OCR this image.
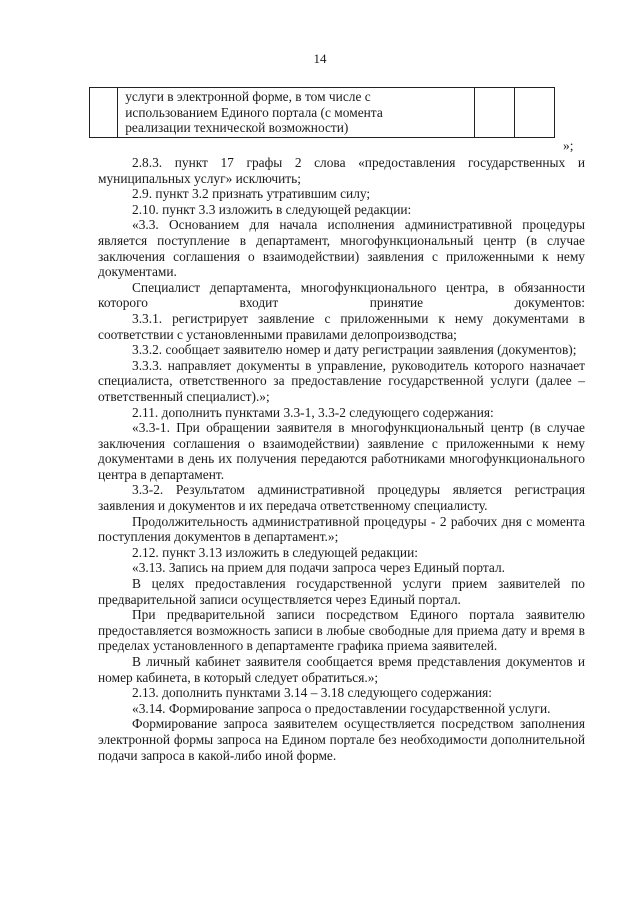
14

услуги в электронной форме, в том числе с
использованием Единого портала (с момента
реализации технической возможности)

»;

2.8.3. пункт 17 графы 2 слова «предоставления государственных и муниципальных услуг» исключить;

2.9. пункт 3.2 признать утратившим силу;

2.10. пункт 3.3 изложить в следующей редакции:

«3.3. Основанием для начала исполнения административной процедуры является поступление в департамент, многофункциональный центр (в случае заключения соглашения о взаимодействии) заявления с приложенными к нему документами.

Специалист департамента, многофункционального центра, в обязанности которого входит принятие документов:

3.3.1. регистрирует заявление с приложенными к нему документами в соответствии с установленными правилами делопроизводства;

3.3.2. сообщает заявителю номер и дату регистрации заявления (документов);

3.3.3. направляет документы в управление, руководитель которого назначает специалиста, ответственного за предоставление государственной услуги (далее – ответственный специалист).»;

2.11. дополнить пунктами 3.3-1, 3.3-2 следующего содержания:

«3.3-1. При обращении заявителя в многофункциональный центр (в случае заключения соглашения о взаимодействии) заявление с приложенными к нему документами в день их получения передаются работниками многофункционального центра в департамент.

3.3-2. Результатом административной процедуры является регистрация заявления и документов и их передача ответственному специалисту.

Продолжительность административной процедуры - 2 рабочих дня с момента поступления документов в департамент.»;

2.12. пункт 3.13 изложить в следующей редакции:

«3.13. Запись на прием для подачи запроса через Единый портал.

В целях предоставления государственной услуги прием заявителей по предварительной записи осуществляется через Единый портал.

При предварительной записи посредством Единого портала заявителю предоставляется возможность записи в любые свободные для приема дату и время в пределах установленного в департаменте графика приема заявителей.

В личный кабинет заявителя сообщается время представления документов и номер кабинета, в который следует обратиться.»;

2.13. дополнить пунктами 3.14 – 3.18 следующего содержания:

«3.14. Формирование запроса о предоставлении государственной услуги.

Формирование запроса заявителем осуществляется посредством заполнения электронной формы запроса на Едином портале без необходимости дополнительной подачи запроса в какой-либо иной форме.
